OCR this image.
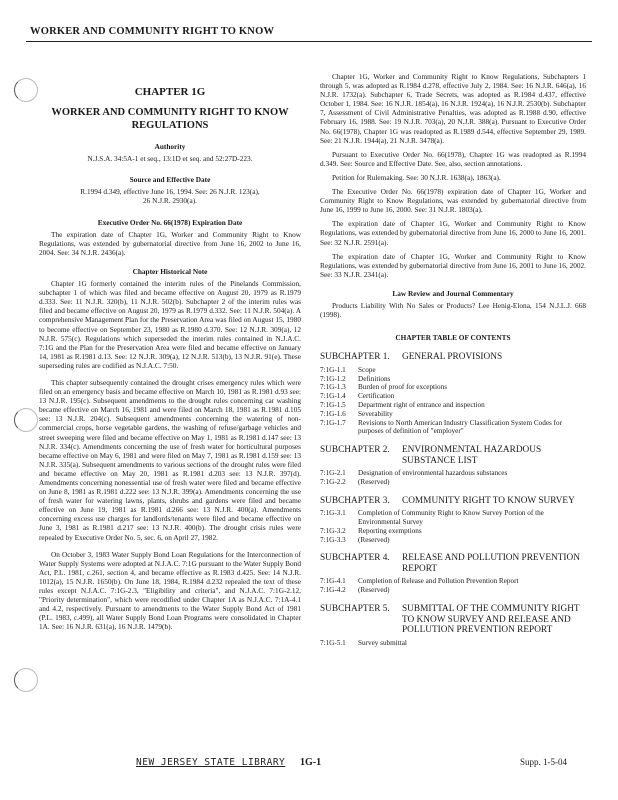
WORKER AND COMMUNITY RIGHT TO KNOW
CHAPTER 1G
WORKER AND COMMUNITY RIGHT TO KNOW REGULATIONS
Authority
N.J.S.A. 34:5A-1 et seq., 13:1D et seq. and 52:27D-223.
Source and Effective Date
R.1994 d.349, effective June 16, 1994. See: 26 N.J.R. 123(a), 26 N.J.R. 2930(a).
Executive Order No. 66(1978) Expiration Date
The expiration date of Chapter 1G, Worker and Community Right to Know Regulations, was extended by gubernatorial directive from June 16, 2002 to June 16, 2004. See: 34 N.J.R. 2436(a).
Chapter Historical Note
Chapter 1G formerly contained the interim rules of the Pinelands Commission, subchapter 1 of which was filed and became effective on August 20, 1979 as R.1979 d.333. See: 11 N.J.R. 320(b), 11 N.J.R. 502(b). Subchapter 2 of the interim rules was filed and became effective on August 20, 1979 as R.1979 d.332. See: 11 N.J.R. 504(a). A comprehensive Management Plan for the Preservation Area was filed on August 15, 1980 to become effective on September 23, 1980 as R.1980 d.370. See: 12 N.J.R. 309(a), 12 N.J.R. 575(c). Regulations which superseded the interim rules contained in N.J.A.C. 7:1G and the Plan for the Preservation Area were filed and became effective on January 14, 1981 as R.1981 d.13. See: 12 N.J.R. 309(a), 12 N.J.R. 513(b), 13 N.J.R. 91(e). These superseding rules are codified as N.J.A.C. 7:50.
This chapter subsequently contained the drought crises emergency rules which were filed on an emergency basis and became effective on March 10, 1981 as R.1981 d.93 see: 13 N.J.R. 195(c). Subsequent amendments to the drought rules concerning car washing became effective on March 16, 1981 and were filed on March 18, 1981 as R.1981 d.105 see: 13 N.J.R. 204(c). Subsequent amendments concerning the watering of non-commercial crops, horse vegetable gardens, the washing of refuse/garbage vehicles and street sweeping were filed and became effective on May 1, 1981 as R.1981 d.147 see: 13 N.J.R. 334(c). Amendments concerning the use of fresh water for horticultural purposes became effective on May 6, 1981 and were filed on May 7, 1981 as R.1981 d.159 see: 13 N.J.R. 335(a). Subsequent amendments to various sections of the drought rules were filed and became effective on May 20, 1981 as R.1981 d.203 see: 13 N.J.R. 397(d). Amendments concerning nonessential use of fresh water were filed and became effective on June 8, 1981 as R.1981 d.222 see: 13 N.J.R. 399(a). Amendments concerning the use of fresh water for watering lawns, plants, shrubs and gardens were filed and became effective on June 19, 1981 as R.1981 d.266 see: 13 N.J.R. 400(a). Amendments concerning excess use charges for landlords/tenants were filed and became effective on June 3, 1981 as R.1981 d.217 see: 13 N.J.R. 400(b). The drought crisis rules were repealed by Executive Order No. 5, sec. 6, on April 27, 1982.
On October 3, 1983 Water Supply Bond Loan Regulations for the Interconnection of Water Supply Systems were adopted at N.J.A.C. 7:1G pursuant to the Water Supply Bond Act, P.L. 1981, c.261, section 4, and became effective as R.1983 d.425. See: 14 N.J.R. 1012(a), 15 N.J.R. 1650(b). On June 18, 1984, R.1984 d.232 repealed the text of these rules except N.J.A.C. 7:1G-2.3, "Eligibility and criteria", and N.J.A.C. 7:1G-2.12, "Priority determination", which were recodified under Chapter 1A as N.J.A.C. 7:1A-4.1 and 4.2, respectively. Pursuant to amendments to the Water Supply Bond Act of 1981 (P.L. 1983, c.499), all Water Supply Bond Loan Programs were consolidated in Chapter 1A. See: 16 N.J.R. 631(a), 16 N.J.R. 1479(b).
Chapter 1G, Worker and Community Right to Know Regulations, Subchapters 1 through 5, was adopted as R.1984 d.278, effective July 2, 1984. See: 16 N.J.R. 646(a), 16 N.J.R. 1732(a). Subchapter 6, Trade Secrets, was adopted as R.1984 d.437, effective October 1, 1984. See: 16 N.J.R. 1854(a), 16 N.J.R. 1924(a), 16 N.J.R. 2530(b). Subchapter 7, Assessment of Civil Administrative Penalties, was adopted as R.1988 d.90, effective February 16, 1988. See: 19 N.J.R. 703(a), 20 N.J.R. 388(a). Pursuant to Executive Order No. 66(1978), Chapter 1G was readopted as R.1989 d.544, effective September 29, 1989. See: 21 N.J.R. 1944(a), 21 N.J.R. 3478(a).
Pursuant to Executive Order No. 66(1978), Chapter 1G was readopted as R.1994 d.349. See: Source and Effective Date. See, also, section annotations.
Petition for Rulemaking. See: 30 N.J.R. 1638(a), 1863(a).
The Executive Order No. 66(1978) expiration date of Chapter 1G, Worker and Community Right to Know Regulations, was extended by gubernatorial directive from June 16, 1999 to June 16, 2000. See: 31 N.J.R. 1803(a).
The expiration date of Chapter 1G, Worker and Community Right to Know Regulations, was extended by gubernatorial directive from June 16, 2000 to June 16, 2001. See: 32 N.J.R. 2591(a).
The expiration date of Chapter 1G, Worker and Community Right to Know Regulations, was extended by gubernatorial directive from June 16, 2001 to June 16, 2002. See: 33 N.J.R. 2341(a).
Law Review and Journal Commentary
Products Liability With No Sales or Products? Lee Henig-Elona, 154 N.J.L.J. 668 (1998).
CHAPTER TABLE OF CONTENTS
SUBCHAPTER 1. GENERAL PROVISIONS
7:1G-1.1	Scope
7:1G-1.2	Definitions
7:1G-1.3	Burden of proof for exceptions
7:1G-1.4	Certification
7:1G-1.5	Department right of entrance and inspection
7:1G-1.6	Severability
7:1G-1.7	Revisions to North American Industry Classification System Codes for purposes of definition of "employer"
SUBCHAPTER 2. ENVIRONMENTAL HAZARDOUS SUBSTANCE LIST
7:1G-2.1	Designation of environmental hazardous substances
7:1G-2.2	(Reserved)
SUBCHAPTER 3. COMMUNITY RIGHT TO KNOW SURVEY
7:1G-3.1	Completion of Community Right to Know Survey Portion of the Environmental Survey
7:1G-3.2	Reporting exemptions
7:1G-3.3	(Reserved)
SUBCHAPTER 4. RELEASE AND POLLUTION PREVENTION REPORT
7:1G-4.1	Completion of Release and Pollution Prevention Report
7:1G-4.2	(Reserved)
SUBCHAPTER 5. SUBMITTAL OF THE COMMUNITY RIGHT TO KNOW SURVEY AND RELEASE AND POLLUTION PREVENTION REPORT
7:1G-5.1	Survey submittal
NEW JERSEY STATE LIBRARY 1G-1	Supp. 1-5-04
